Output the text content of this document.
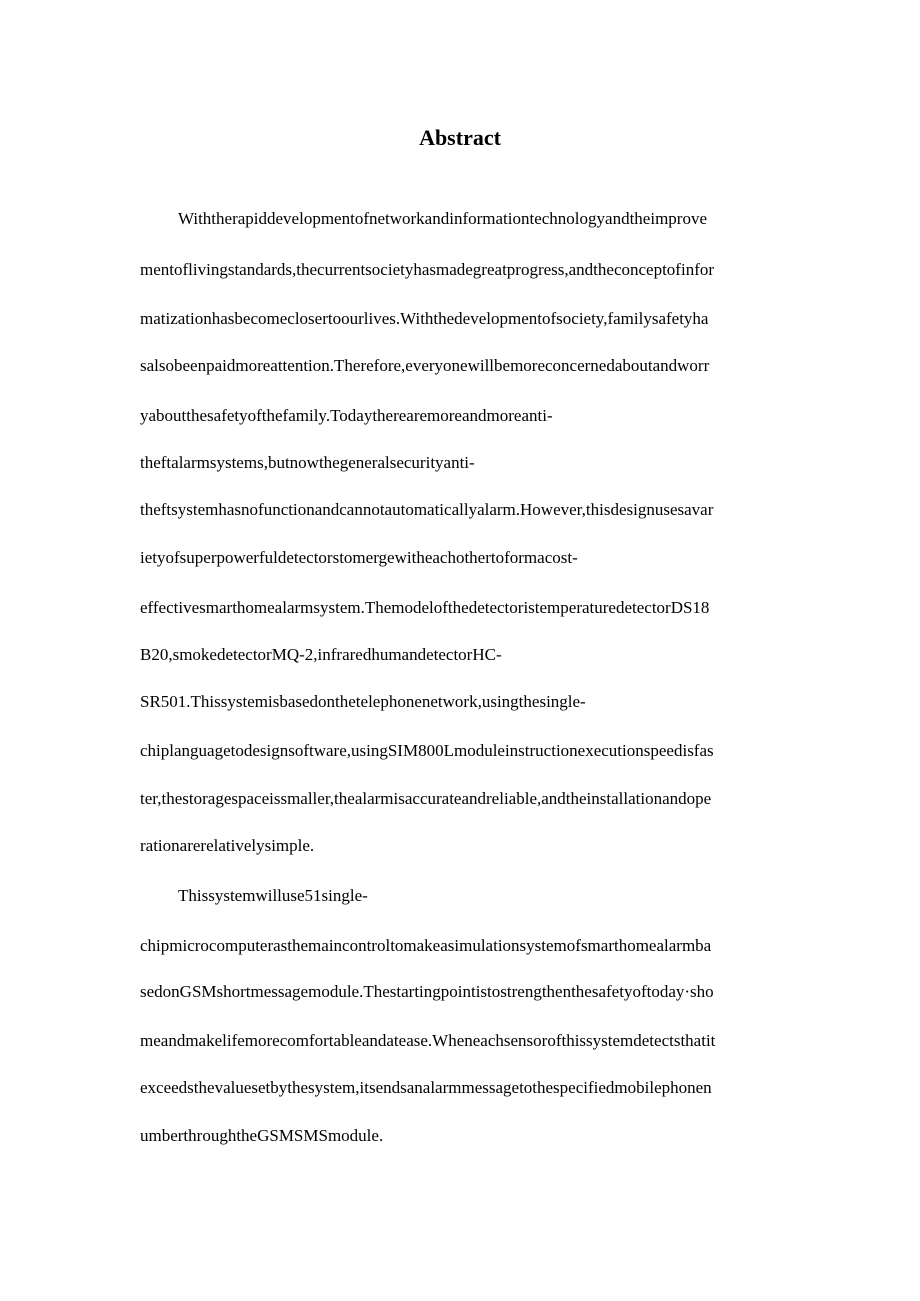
Abstract
Withtherapiddevelopmentofnetworkandinformationtechnologyandtheimprove
mentoflivingstandards,thecurrentsocietyhasmadegreatprogress,andtheconceptofinfor
matizationhasbecomeclosertoourlives.Withthedevelopmentofsociety,familysafetyha
salsobeenpaidmoreattention.Therefore,everyonewillbemoreconcernedaboutandworr
yaboutthesafetyofthefamily.Todaytherearemoreandmoreanti-
theftalarmsystems,butnowthegeneralsecurityanti-
theftsystemhasnofunctionandcannotautomaticallyalarm.However,thisdesignusesavar
ietyofsuperpowerfuldetectorstomergewitheachothertoformacost-
effectivesmarthomealarmsystem.ThemodelofthedetectoristemperaturedetectorDS18
B20,smokedetectorMQ-2,infraredhumandetectorHC-
SR501.Thissystemisbasedonthetelephonenetwork,usingthesingle-
chiplanguagetodesignsoftware,usingSIM800Lmoduleinstructionexecutionspeedisfas
ter,thestoragespaceissmaller,thealarmisaccurateandreliable,andtheinstallationandope
rationarerelativelysimple.
Thissystemwilluse51single-
chipmicrocomputerasthemaincontroltomakeasimulationsystemofsmarthomealarmba
sedonGSMshortmessagemodule.Thestartingpointistostrengthenthesafetyoftoday·sho
meandmakelifemorecomfortableandatease.Wheneachsensorofthissystemdetectsthatit
exceedsthevaluesetbythesystem,itsendsanalarmmessagetothespecifiedmobilephonen
umberthroughtheGSMSMSmodule.
